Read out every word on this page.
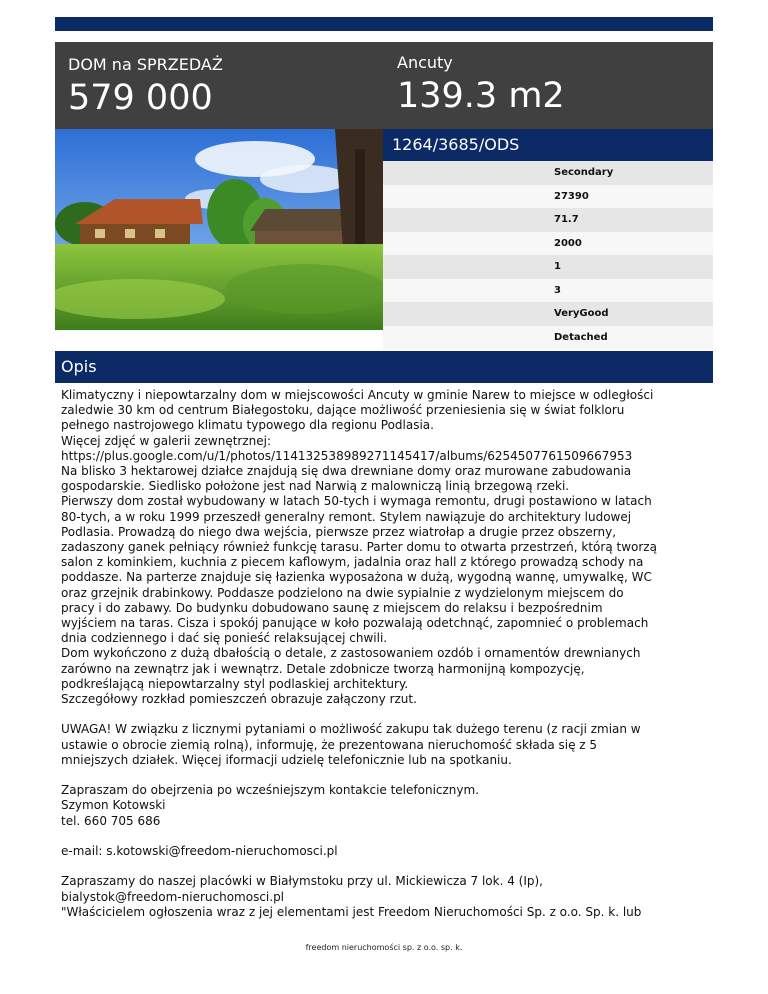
DOM na SPRZEDAŻ
579 000
Ancuty
139.3 m2
1264/3685/ODS
Secondary
27390
71.7
2000
1
3
VeryGood
Detached
Opis

Klimatyczny i niepowtarzalny dom w miejscowości Ancuty w gminie Narew to miejsce w odległości
zaledwie 30 km od centrum Białegostoku, dające możliwość przeniesienia się w świat folkloru
pełnego nastrojowego klimatu typowego dla regionu Podlasia.
Więcej zdjęć w galerii zewnętrznej:
https://plus.google.com/u/1/photos/114132538989271145417/albums/6254507761509667953
Na blisko 3 hektarowej działce znajdują się dwa drewniane domy oraz murowane zabudowania
gospodarskie. Siedlisko położone jest nad Narwią z malowniczą linią brzegową rzeki.
Pierwszy dom został wybudowany w latach 50-tych i wymaga remontu, drugi postawiono w latach
80-tych, a w roku 1999 przeszedł generalny remont. Stylem nawiązuje do architektury ludowej
Podlasia. Prowadzą do niego dwa wejścia, pierwsze przez wiatrołap a drugie przez obszerny,
zadaszony ganek pełniący również funkcję tarasu. Parter domu to otwarta przestrzeń, którą tworzą
salon z kominkiem, kuchnia z piecem kaflowym, jadalnia oraz hall z którego prowadzą schody na
poddasze. Na parterze znajduje się łazienka wyposażona w dużą, wygodną wannę, umywalkę, WC
oraz grzejnik drabinkowy. Poddasze podzielono na dwie sypialnie z wydzielonym miejscem do
pracy i do zabawy. Do budynku dobudowano saunę z miejscem do relaksu i bezpośrednim
wyjściem na taras. Cisza i spokój panujące w koło pozwalają odetchnąć, zapomnieć o problemach
dnia codziennego i dać się ponieść relaksującej chwili.
Dom wykończono z dużą dbałością o detale, z zastosowaniem ozdób i ornamentów drewnianych
zarówno na zewnątrz jak i wewnątrz. Detale zdobnicze tworzą harmonijną kompozycję,
podkreślającą niepowtarzalny styl podlaskiej architektury.
Szczegółowy rozkład pomieszczeń obrazuje załączony rzut.

UWAGA! W związku z licznymi pytaniami o możliwość zakupu tak dużego terenu (z racji zmian w
ustawie o obrocie ziemią rolną), informuję, że prezentowana nieruchomość składa się z 5
mniejszych działek. Więcej iformacji udzielę telefonicznie lub na spotkaniu.

Zapraszam do obejrzenia po wcześniejszym kontakcie telefonicznym.
Szymon Kotowski
tel. 660 705 686

e-mail: s.kotowski@freedom-nieruchomosci.pl

Zapraszamy do naszej placówki w Białymstoku przy ul. Mickiewicza 7 lok. 4 (Ip),
bialystok@freedom-nieruchomosci.pl
"Właścicielem ogłoszenia wraz z jej elementami jest Freedom Nieruchomości Sp. z o.o. Sp. k. lub

freedom nieruchomości sp. z o.o. sp. k.
